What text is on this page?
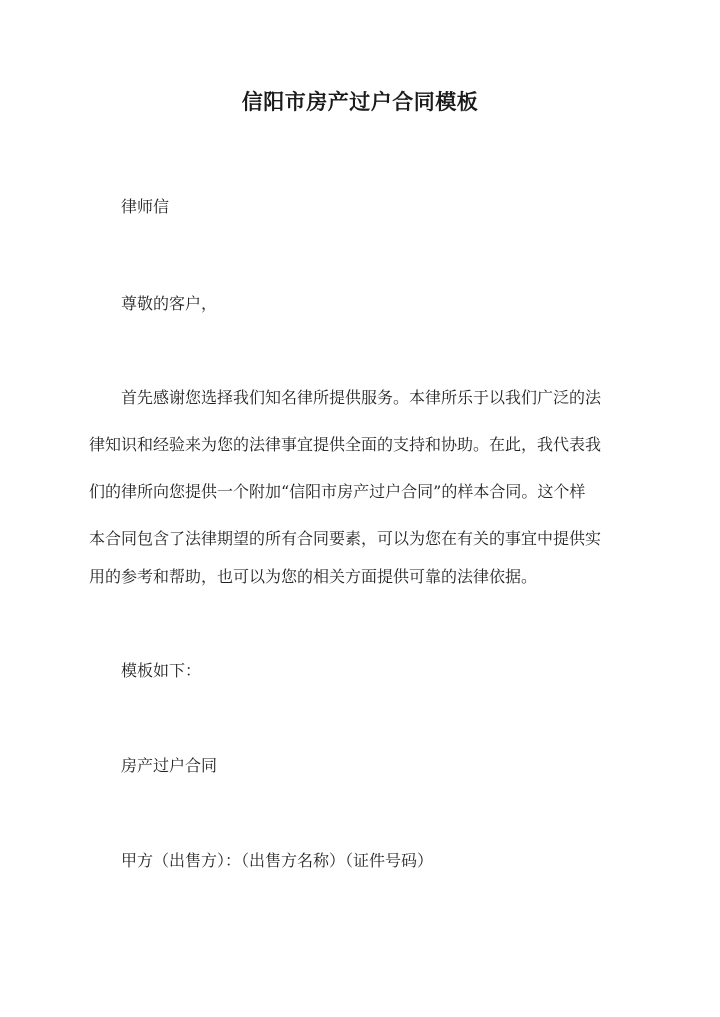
信阳市房产过户合同模板
律师信
尊敬的客户，
首先感谢您选择我们知名律所提供服务。本律所乐于以我们广泛的法
律知识和经验来为您的法律事宜提供全面的支持和协助。在此，我代表我
们的律所向您提供一个附加“信阳市房产过户合同”的样本合同。这个样
本合同包含了法律期望的所有合同要素，可以为您在有关的事宜中提供实
用的参考和帮助，也可以为您的相关方面提供可靠的法律依据。
模板如下：
房产过户合同
甲方（出售方）：（出售方名称）（证件号码）
